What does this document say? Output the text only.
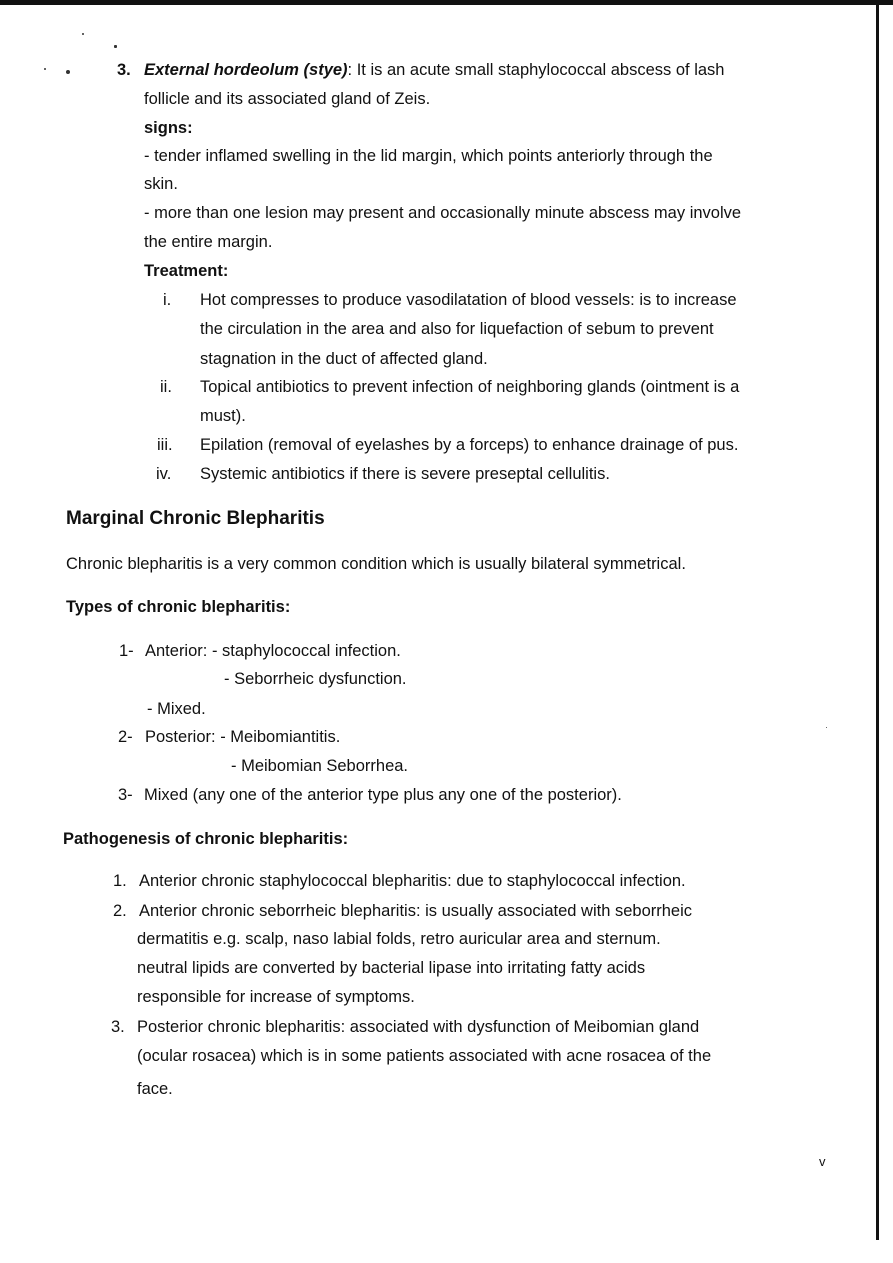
3. External hordeolum (stye): It is an acute small staphylococcal abscess of lash
follicle and its associated gland of Zeis.
signs:
- tender inflamed swelling in the lid margin, which points anteriorly through the
skin.
- more than one lesion may present and occasionally minute abscess may involve
the entire margin.
Treatment:
i. Hot compresses to produce vasodilatation of blood vessels: is to increase
the circulation in the area and also for liquefaction of sebum to prevent
stagnation in the duct of affected gland.
ii. Topical antibiotics to prevent infection of neighboring glands (ointment is a
must).
iii. Epilation (removal of eyelashes by a forceps) to enhance drainage of pus.
iv. Systemic antibiotics if there is severe preseptal cellulitis.
Marginal Chronic Blepharitis
Chronic blepharitis is a very common condition which is usually bilateral symmetrical.
Types of chronic blepharitis:
1- Anterior: - staphylococcal infection.
- Seborrheic dysfunction.
- Mixed.
2- Posterior: - Meibomiantitis.
- Meibomian Seborrhea.
3- Mixed (any one of the anterior type plus any one of the posterior).
Pathogenesis of chronic blepharitis:
1. Anterior chronic staphylococcal blepharitis: due to staphylococcal infection.
2. Anterior chronic seborrheic blepharitis: is usually associated with seborrheic
dermatitis e.g. scalp, naso labial folds, retro auricular area and sternum.
neutral lipids are converted by bacterial lipase into irritating fatty acids
responsible for increase of symptoms.
3. Posterior chronic blepharitis: associated with dysfunction of Meibomian gland
(ocular rosacea) which is in some patients associated with acne rosacea of the
face.
v
